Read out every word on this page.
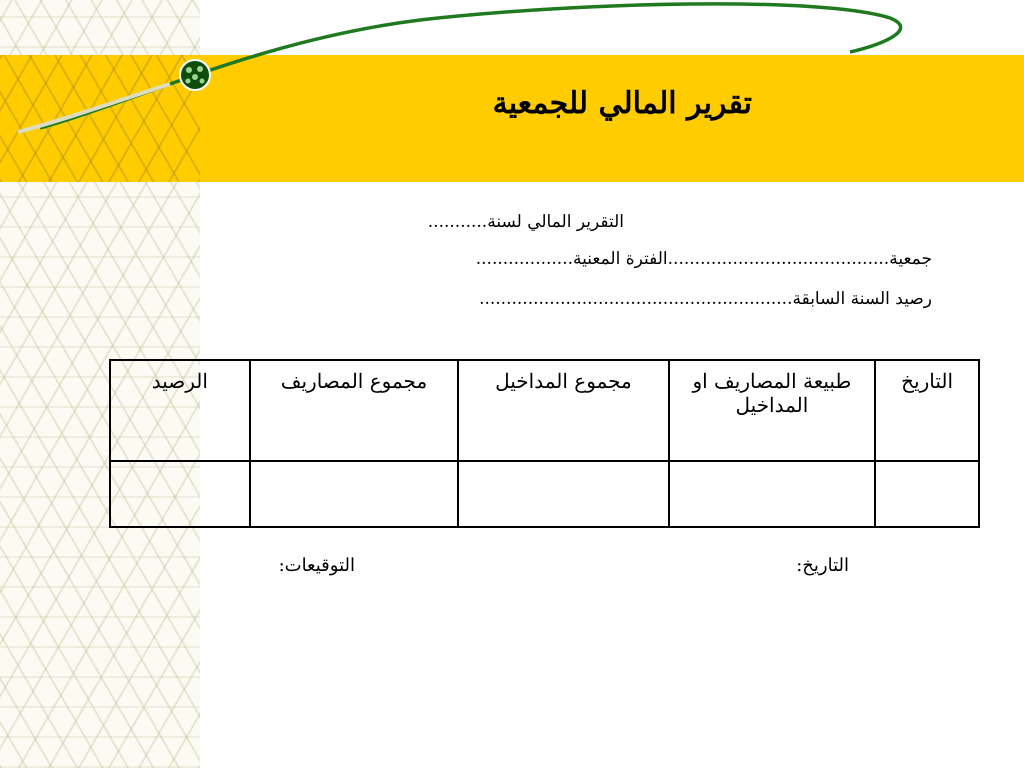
تقرير المالي للجمعية
التقرير المالي لسنة...........
جمعية.........................................الفترة المعنية..................
رصيد السنة السابقة..........................................................
التاريخ	طبيعة المصاريف او المداخيل	مجموع المداخيل	مجموع المصاريف	الرصيد

التاريخ:
التوقيعات:
